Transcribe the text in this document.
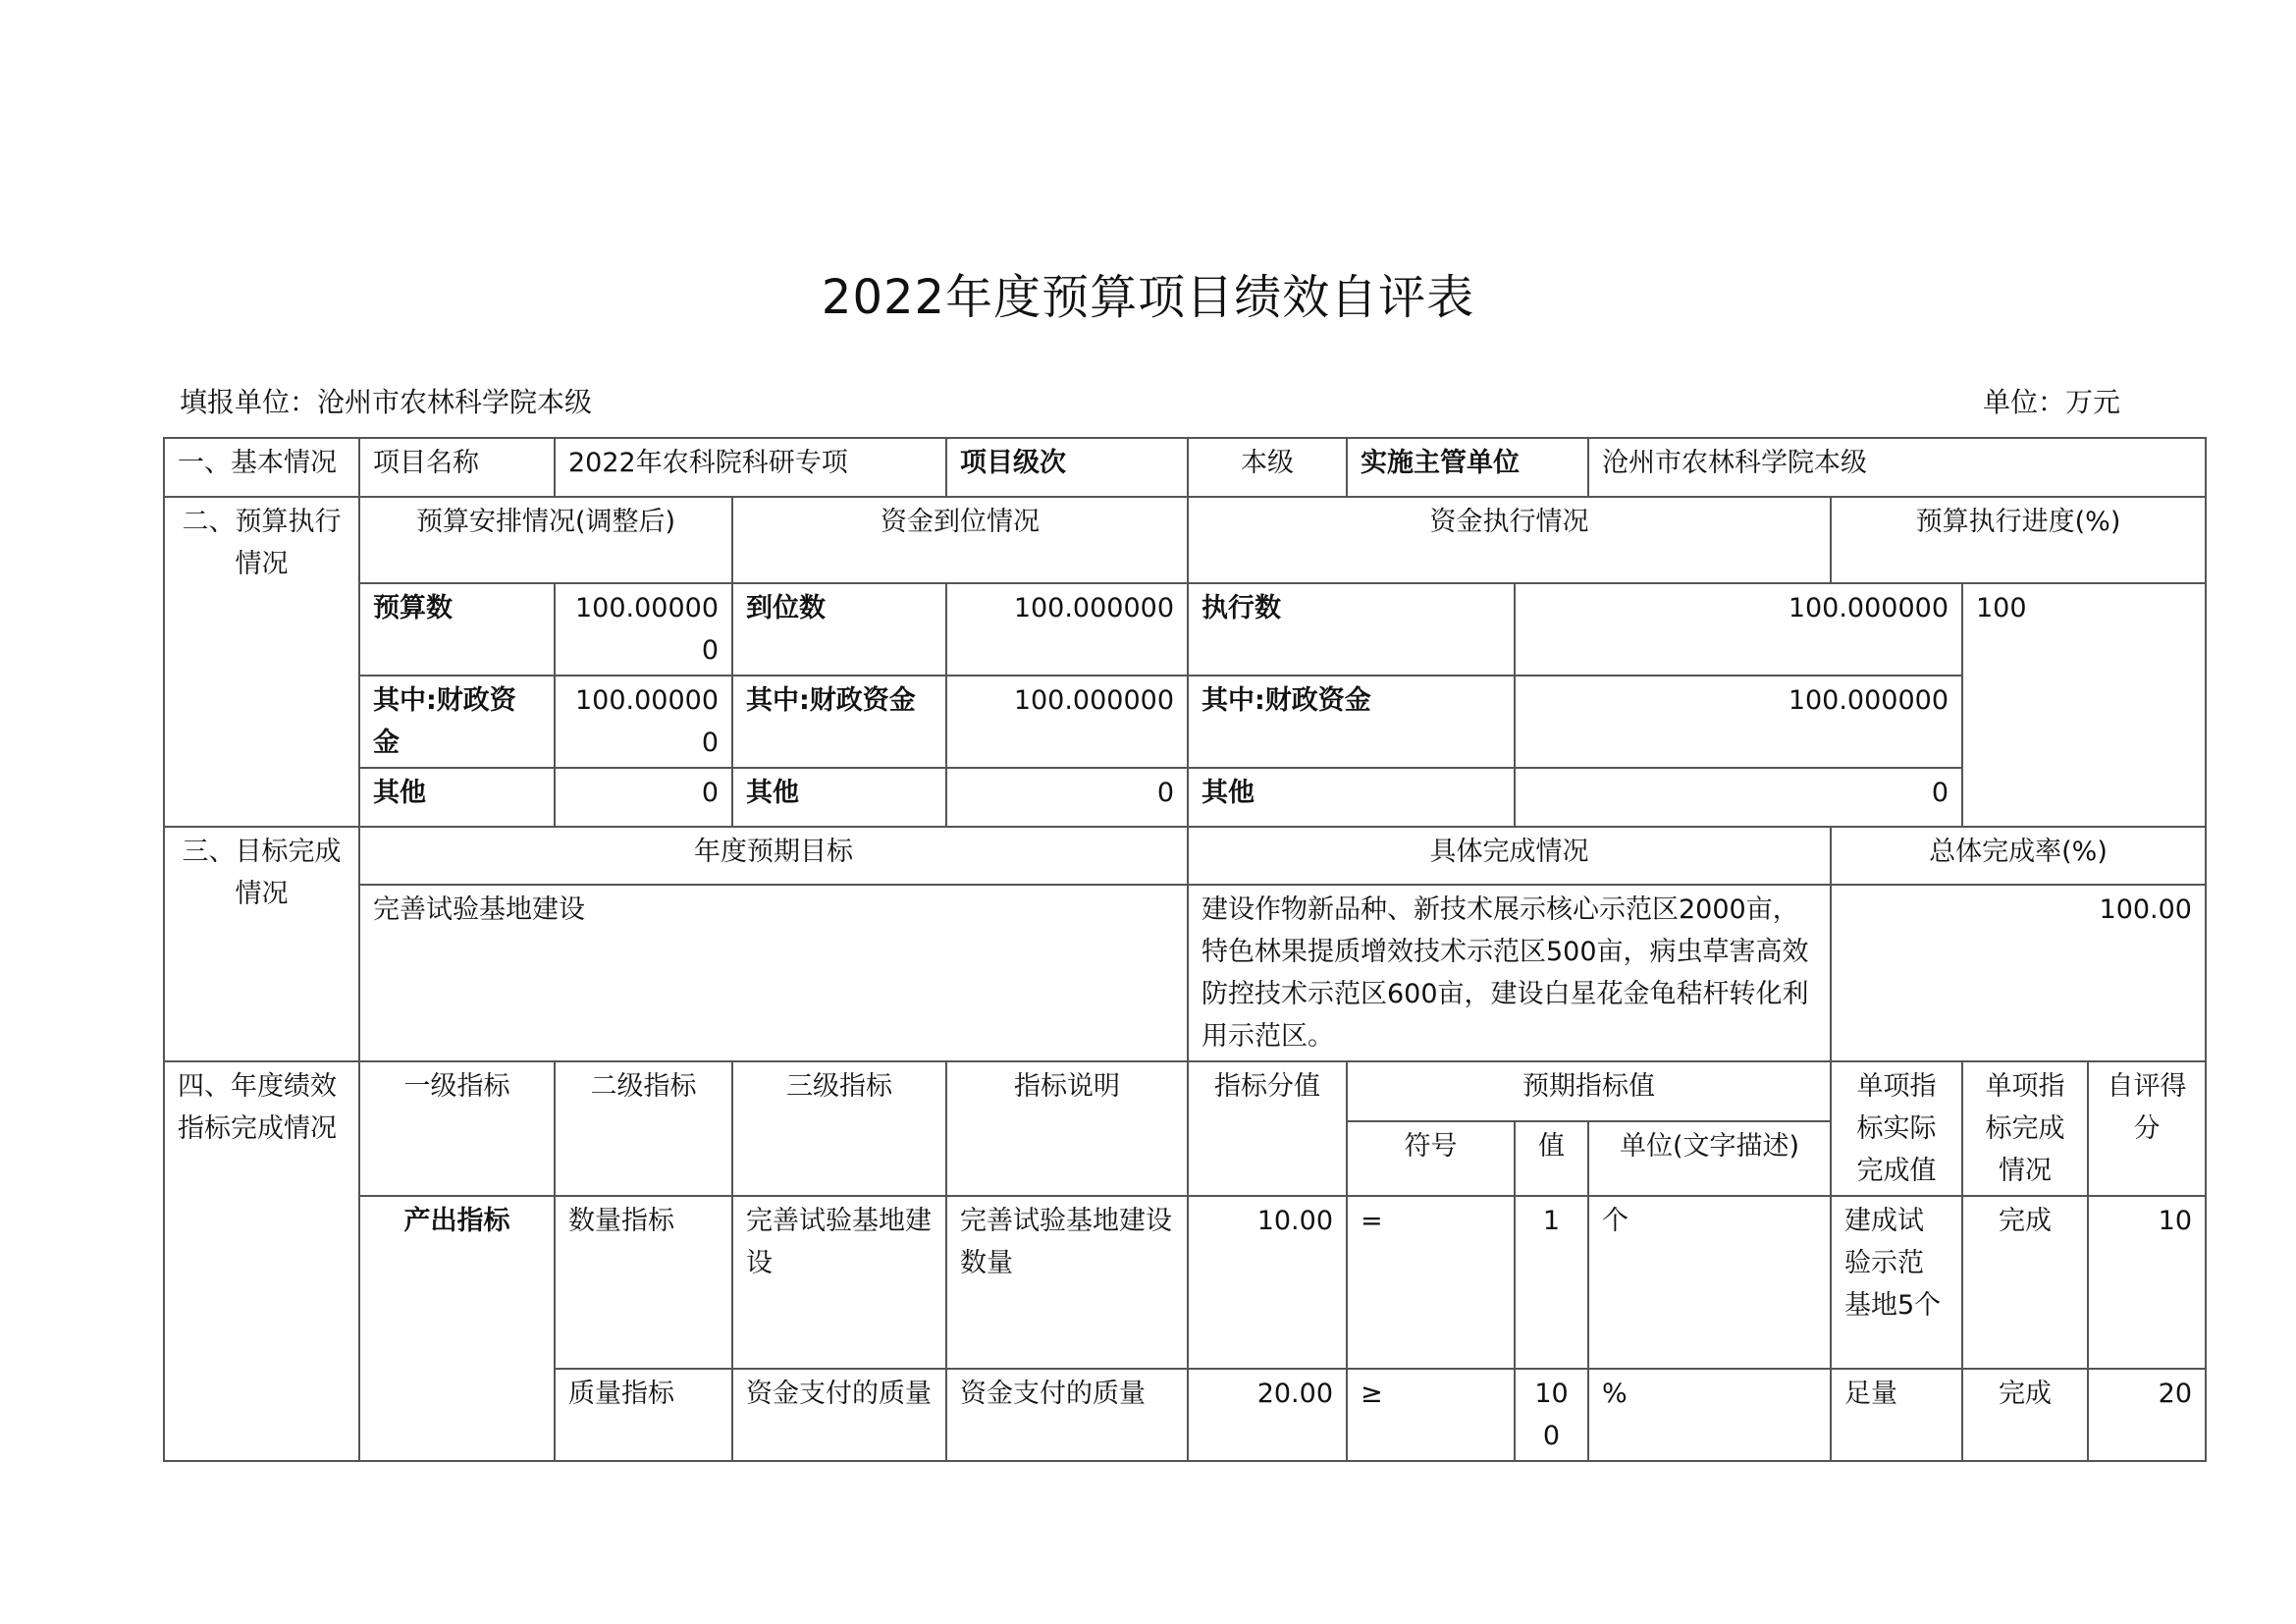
2022年度预算项目绩效自评表
填报单位：沧州市农林科学院本级	单位：万元
一、基本情况	项目名称	2022年农科院科研专项		项目级次	本级	实施主管单位		沧州市农林科学院本级			
二、预算执行情况	预算安排情况(调整后)		资金到位情况		资金执行情况				预算执行进度(%)		
	预算数	100.000000	到位数	100.000000	执行数		100.000000			100	
	其中:财政资金	100.000000	其中:财政资金	100.000000	其中:财政资金		100.000000				
	其他	0	其他	0	其他		0				
三、目标完成情况	年度预期目标				具体完成情况				总体完成率(%)		
	完善试验基地建设				建设作物新品种、新技术展示核心示范区2000亩，特色林果提质增效技术示范区500亩，病虫草害高效防控技术示范区600亩，建设白星花金龟秸杆转化利用示范区。				100.00		
四、年度绩效指标完成情况	一级指标	二级指标	三级指标	指标说明	指标分值	预期指标值			单项指标实际完成值	单项指标完成情况	自评得分
						符号	值	单位(文字描述)			
	产出指标	数量指标	完善试验基地建设	完善试验基地建设数量	10.00	=	1	个	建成试验示范基地5个	完成	10
		质量指标	资金支付的质量	资金支付的质量	20.00	≥	100	%	足量	完成	20
